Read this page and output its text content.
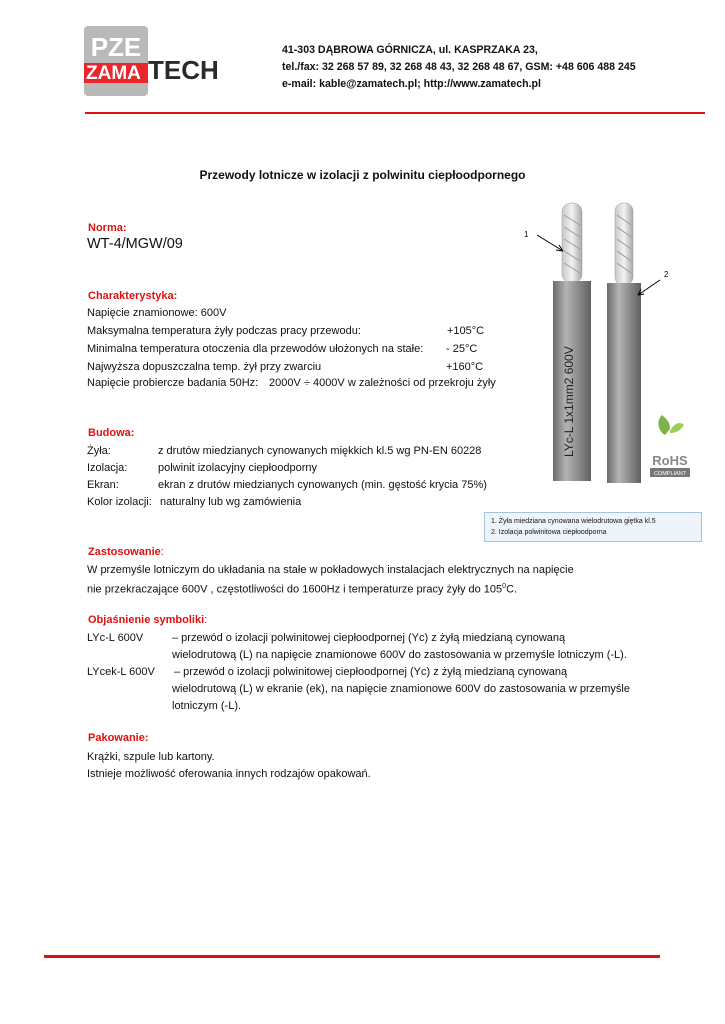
PZE
ZAMA TECH
41-303 DĄBROWA GÓRNICZA, ul. KASPRZAKA 23,
tel./fax: 32 268 57 89, 32 268 48 43, 32 268 48 67, GSM: +48 606 488 245
e-mail: kable@zamatech.pl; http://www.zamatech.pl
Przewody lotnicze w izolacji z polwinitu ciepłoodpornego
Norma:
WT-4/MGW/09
Charakterystyka:
Napięcie znamionowe: 600V
Maksymalna temperatura żyły podczas pracy przewodu:	+105°C
Minimalna temperatura otoczenia dla przewodów ułożonych na stałe: - 25°C
Najwyższa dopuszczalna temp. żył przy zwarciu	+160°C
Napięcie probiercze badania 50Hz: 2000V ÷ 4000V w zależności od przekroju żyły
Budowa:
Żyła:	z drutów miedzianych cynowanych miękkich kl.5 wg PN-EN 60228
Izolacja:	polwinit izolacyjny ciepłoodporny
Ekran:	ekran z drutów miedzianych cynowanych (min. gęstość krycia 75%)
Kolor izolacji: naturalny lub wg zamówienia
LYc-L 1x1mm2 600V
1
2
RoHS
COMPLIANT
1. Żyła miedziana cynowana wielodrutowa giętka kl.5
2. Izolacja polwinitowa ciepłoodporna
Zastosowanie:
W przemyśle lotniczym do układania na stałe w pokładowych instalacjach elektrycznych na napięcie
nie przekraczające 600V , częstotliwości do 1600Hz i temperaturze pracy żyły do $105^0C$.
Objaśnienie symboliki:
LYc-L 600V	– przewód o izolacji polwinitowej ciepłoodpornej (Yc) z żyłą miedzianą cynowaną
wielodrutową (L) na napięcie znamionowe 600V do zastosowania w przemyśle lotniczym (-L).
LYcek-L 600V – przewód o izolacji polwinitowej ciepłoodpornej (Yc) z żyłą miedzianą cynowaną
wielodrutową (L) w ekranie (ek), na napięcie znamionowe 600V do zastosowania w przemyśle
lotniczym (-L).
Pakowanie:
Krążki, szpule lub kartony.
Istnieje możliwość oferowania innych rodzajów opakowań.
